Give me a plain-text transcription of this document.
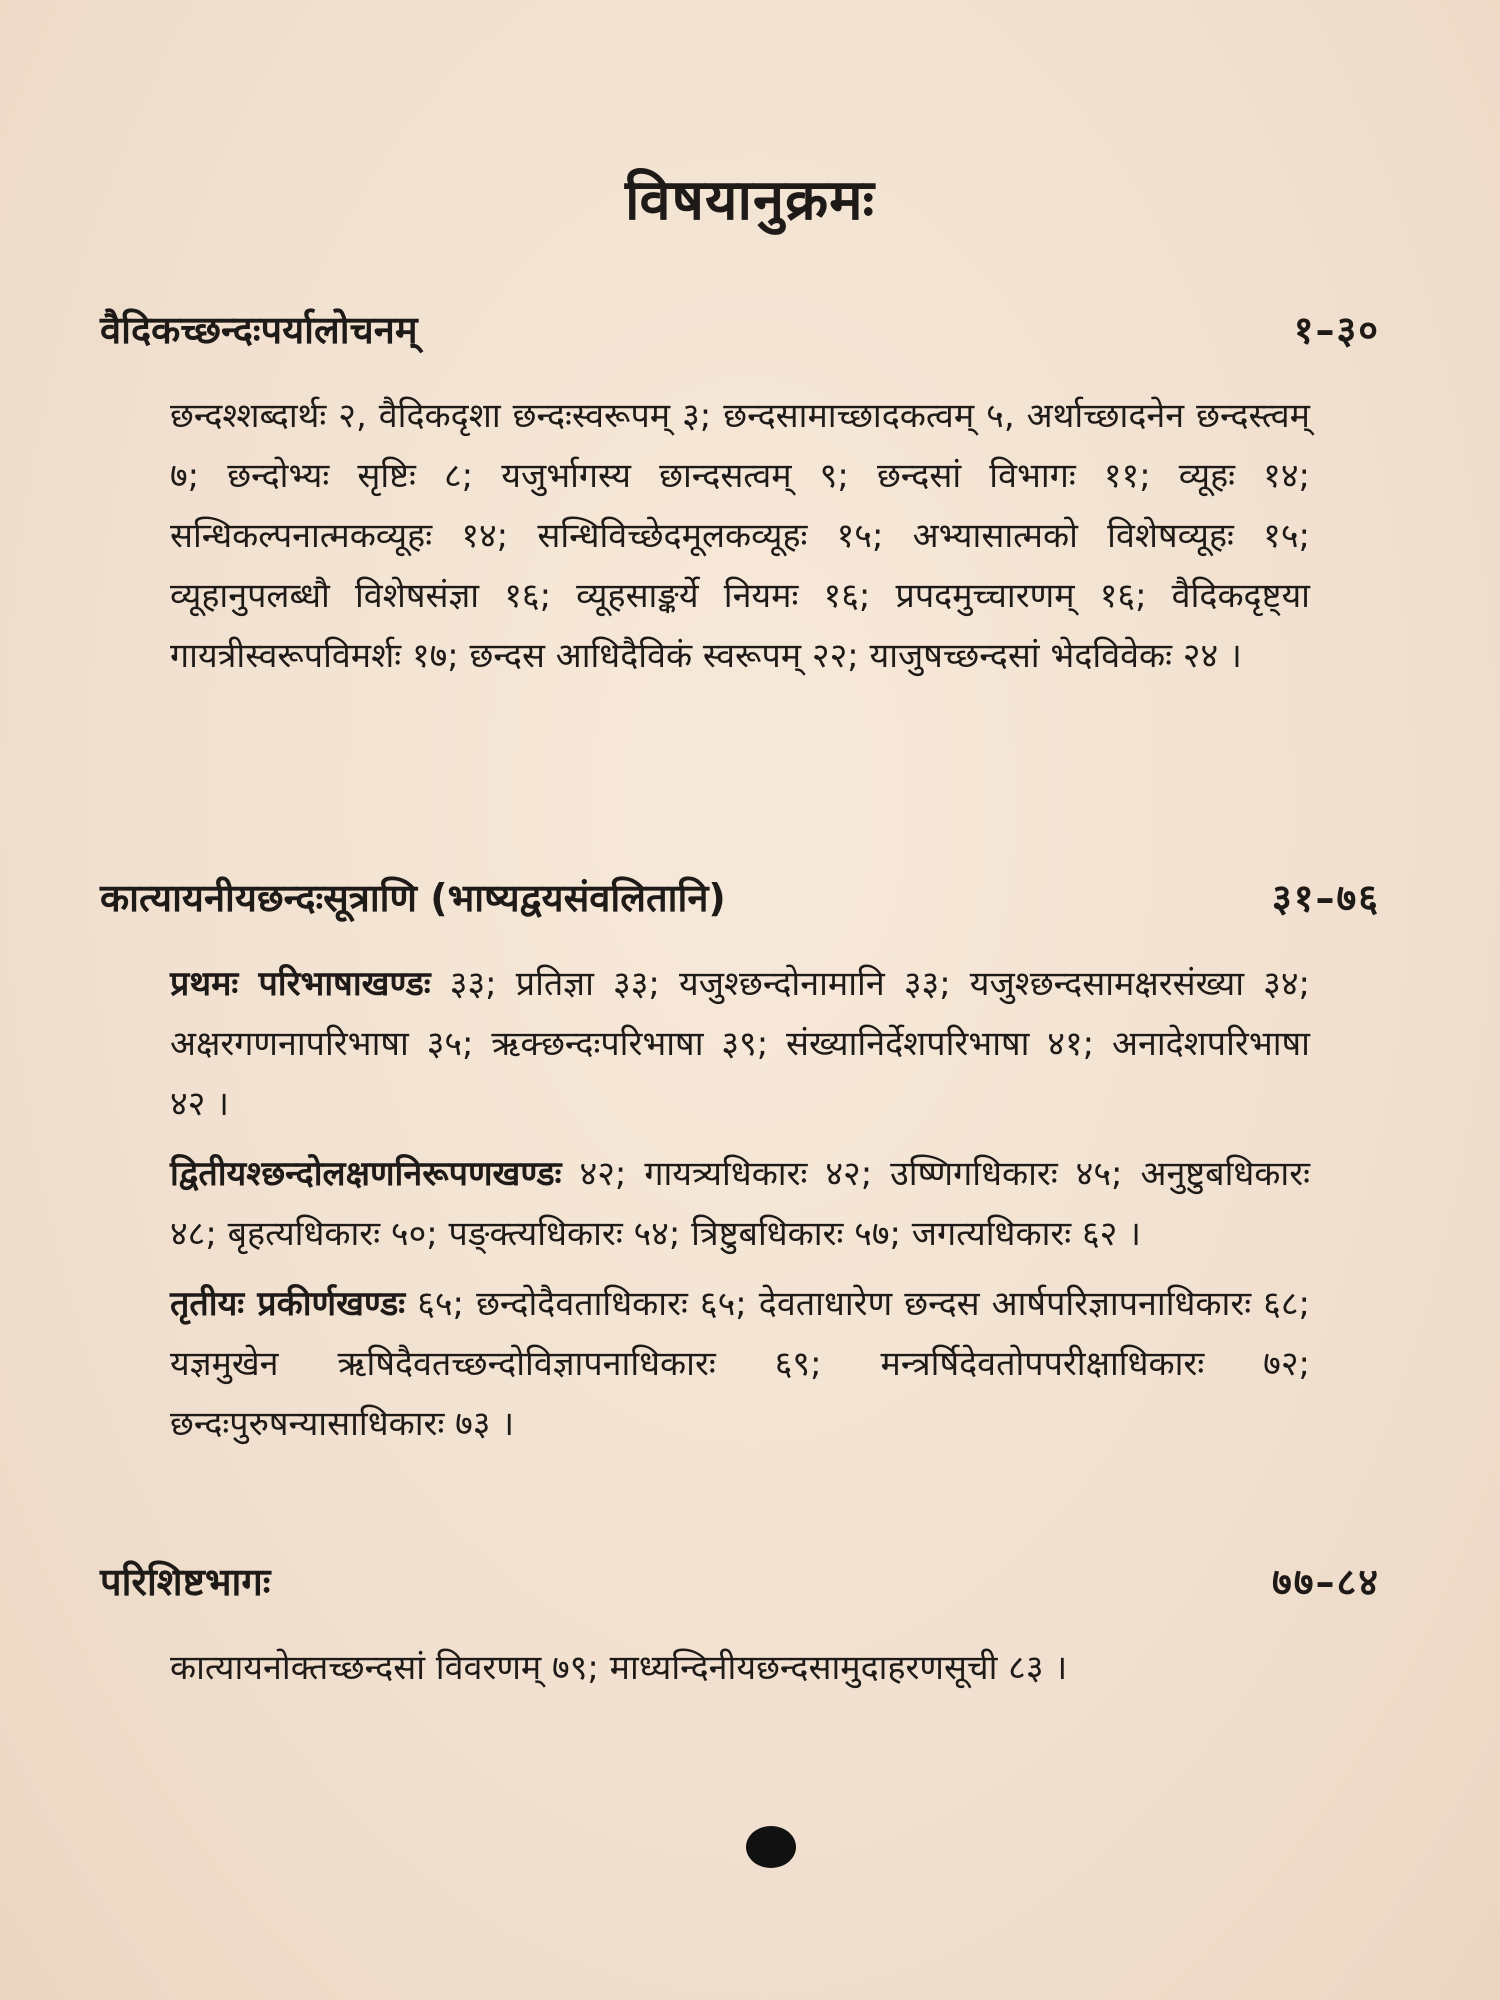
विषयानुक्रमः
वैदिकच्छन्दःपर्यालोचनम्	१–३०
छन्दश्शब्दार्थः २, वैदिकदृशा छन्दःस्वरूपम् ३; छन्दसामाच्छादकत्वम् ५, अर्थाच्छादनेन छन्दस्त्वम् ७; छन्दोभ्यः सृष्टिः ८; यजुर्भागस्य छान्दसत्वम् ९; छन्दसां विभागः ११; व्यूहः १४; सन्धिकल्पनात्मकव्यूहः १४; सन्धिविच्छेदमूलकव्यूहः १५; अभ्यासात्मको विशेषव्यूहः १५; व्यूहानुपलब्धौ विशेषसंज्ञा १६; व्यूहसाङ्कर्ये नियमः १६; प्रपदमुच्चारणम् १६; वैदिकदृष्ट्या गायत्रीस्वरूपविमर्शः १७; छन्दस आधिदैविकं स्वरूपम् २२; याजुषच्छन्दसां भेदविवेकः २४ ।
कात्यायनीयछन्दःसूत्राणि (भाष्यद्वयसंवलितानि)	३१–७६
प्रथमः परिभाषाखण्डः ३३; प्रतिज्ञा ३३; यजुश्छन्दोनामानि ३३; यजुश्छन्दसामक्षरसंख्या ३४; अक्षरगणनापरिभाषा ३५; ऋक्छन्दःपरिभाषा ३९; संख्यानिर्देशपरिभाषा ४१; अनादेशपरिभाषा ४२ ।
द्वितीयश्छन्दोलक्षणनिरूपणखण्डः ४२; गायत्र्यधिकारः ४२; उष्णिगधिकारः ४५; अनुष्टुबधिकारः ४८; बृहत्यधिकारः ५०; पङ्क्त्यधिकारः ५४; त्रिष्टुबधिकारः ५७; जगत्यधिकारः ६२ ।
तृतीयः प्रकीर्णखण्डः ६५; छन्दोदैवताधिकारः ६५; देवताधारेण छन्दस आर्षपरिज्ञापनाधिकारः ६८; यज्ञमुखेन ऋषिदैवतच्छन्दोविज्ञापनाधिकारः ६९; मन्त्रर्षिदेवतोपपरीक्षाधिकारः ७२; छन्दःपुरुषन्यासाधिकारः ७३ ।
परिशिष्टभागः	७७–८४
कात्यायनोक्तच्छन्दसां विवरणम् ७९; माध्यन्दिनीयछन्दसामुदाहरणसूची ८३ ।
